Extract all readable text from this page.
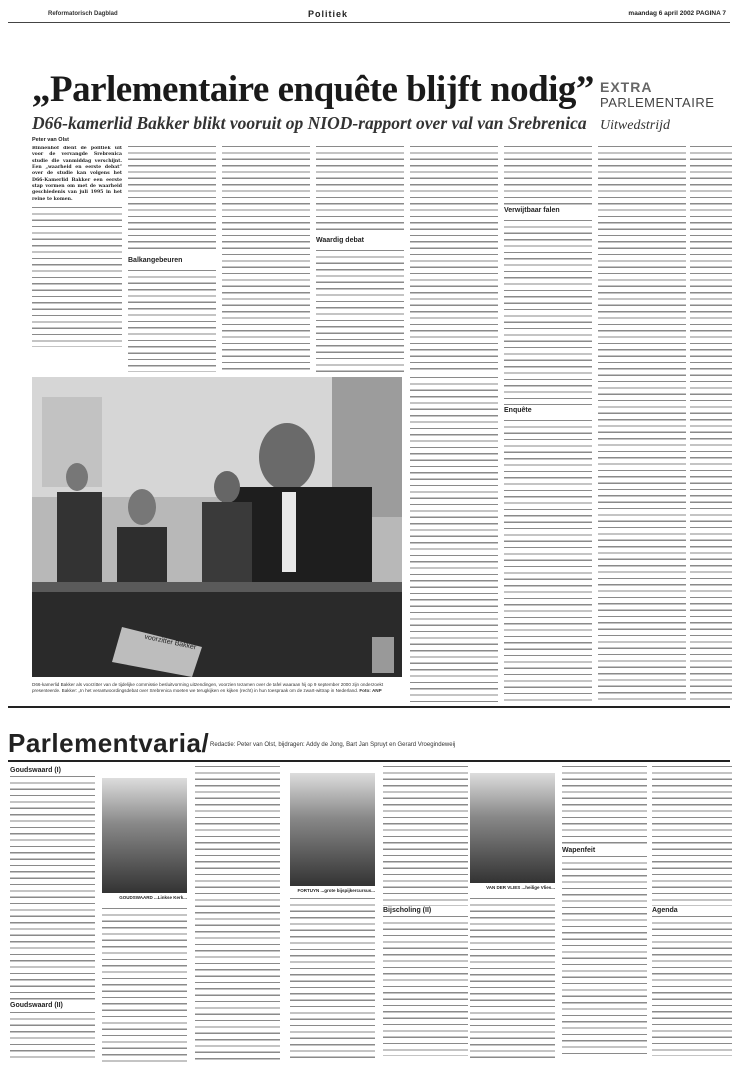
Reformatorisch Dagblad	Politiek	maandag 6 april 2002 PAGINA 7
„Parlementaire enquête blijft nodig”
D66-kamerlid Bakker blikt vooruit op NIOD-rapport over val van Srebrenica
Peter van Olst
EXTRA
PARLEMENTAIRE
Uitwedstrijd
Binnenhof dient de politiek uit voor de vervangde Srebrenica studie die vanmiddag verschijnt. Een „waarheid en eerste debat” over de studie kan volgens het D66-Kamerlid Bakker een eerste stap vormen om met de waarheid geschiedenis van juli 1995 in het reine te komen.
Balkangebeuren
Waardig debat
Verwijtbaar falen
Enquête
voorzitter Bakker
D66-kamerlid Bakker als voorzitter van de tijdelijke commissie besluitvorming uitzendingen, voorzien tezamen over de tafel waaraan hij op 9 september 2000 zijn onderzoekt presenteerde. Bakker: „In het verantwoordingsdebat over Srebrenica moeten we terugkijken en kijken (recht) in hun toespraak om de zwart-wittrap in Nederland. Foto: ANP
Parlementvaria/ Redactie: Peter van Olst, bijdragen: Addy de Jong, Bart Jan Spruyt en Gerard Vroegindeweij
Goudswaard (I)
Goudswaard (II)
GOUDSWAARD ...Linkse Kerk...
FORTUYN ...grote bijspijkercursus...
Bijscholing (II)
VAN DER VLIES ...heilige Vlies...
Wapenfeit
Agenda
